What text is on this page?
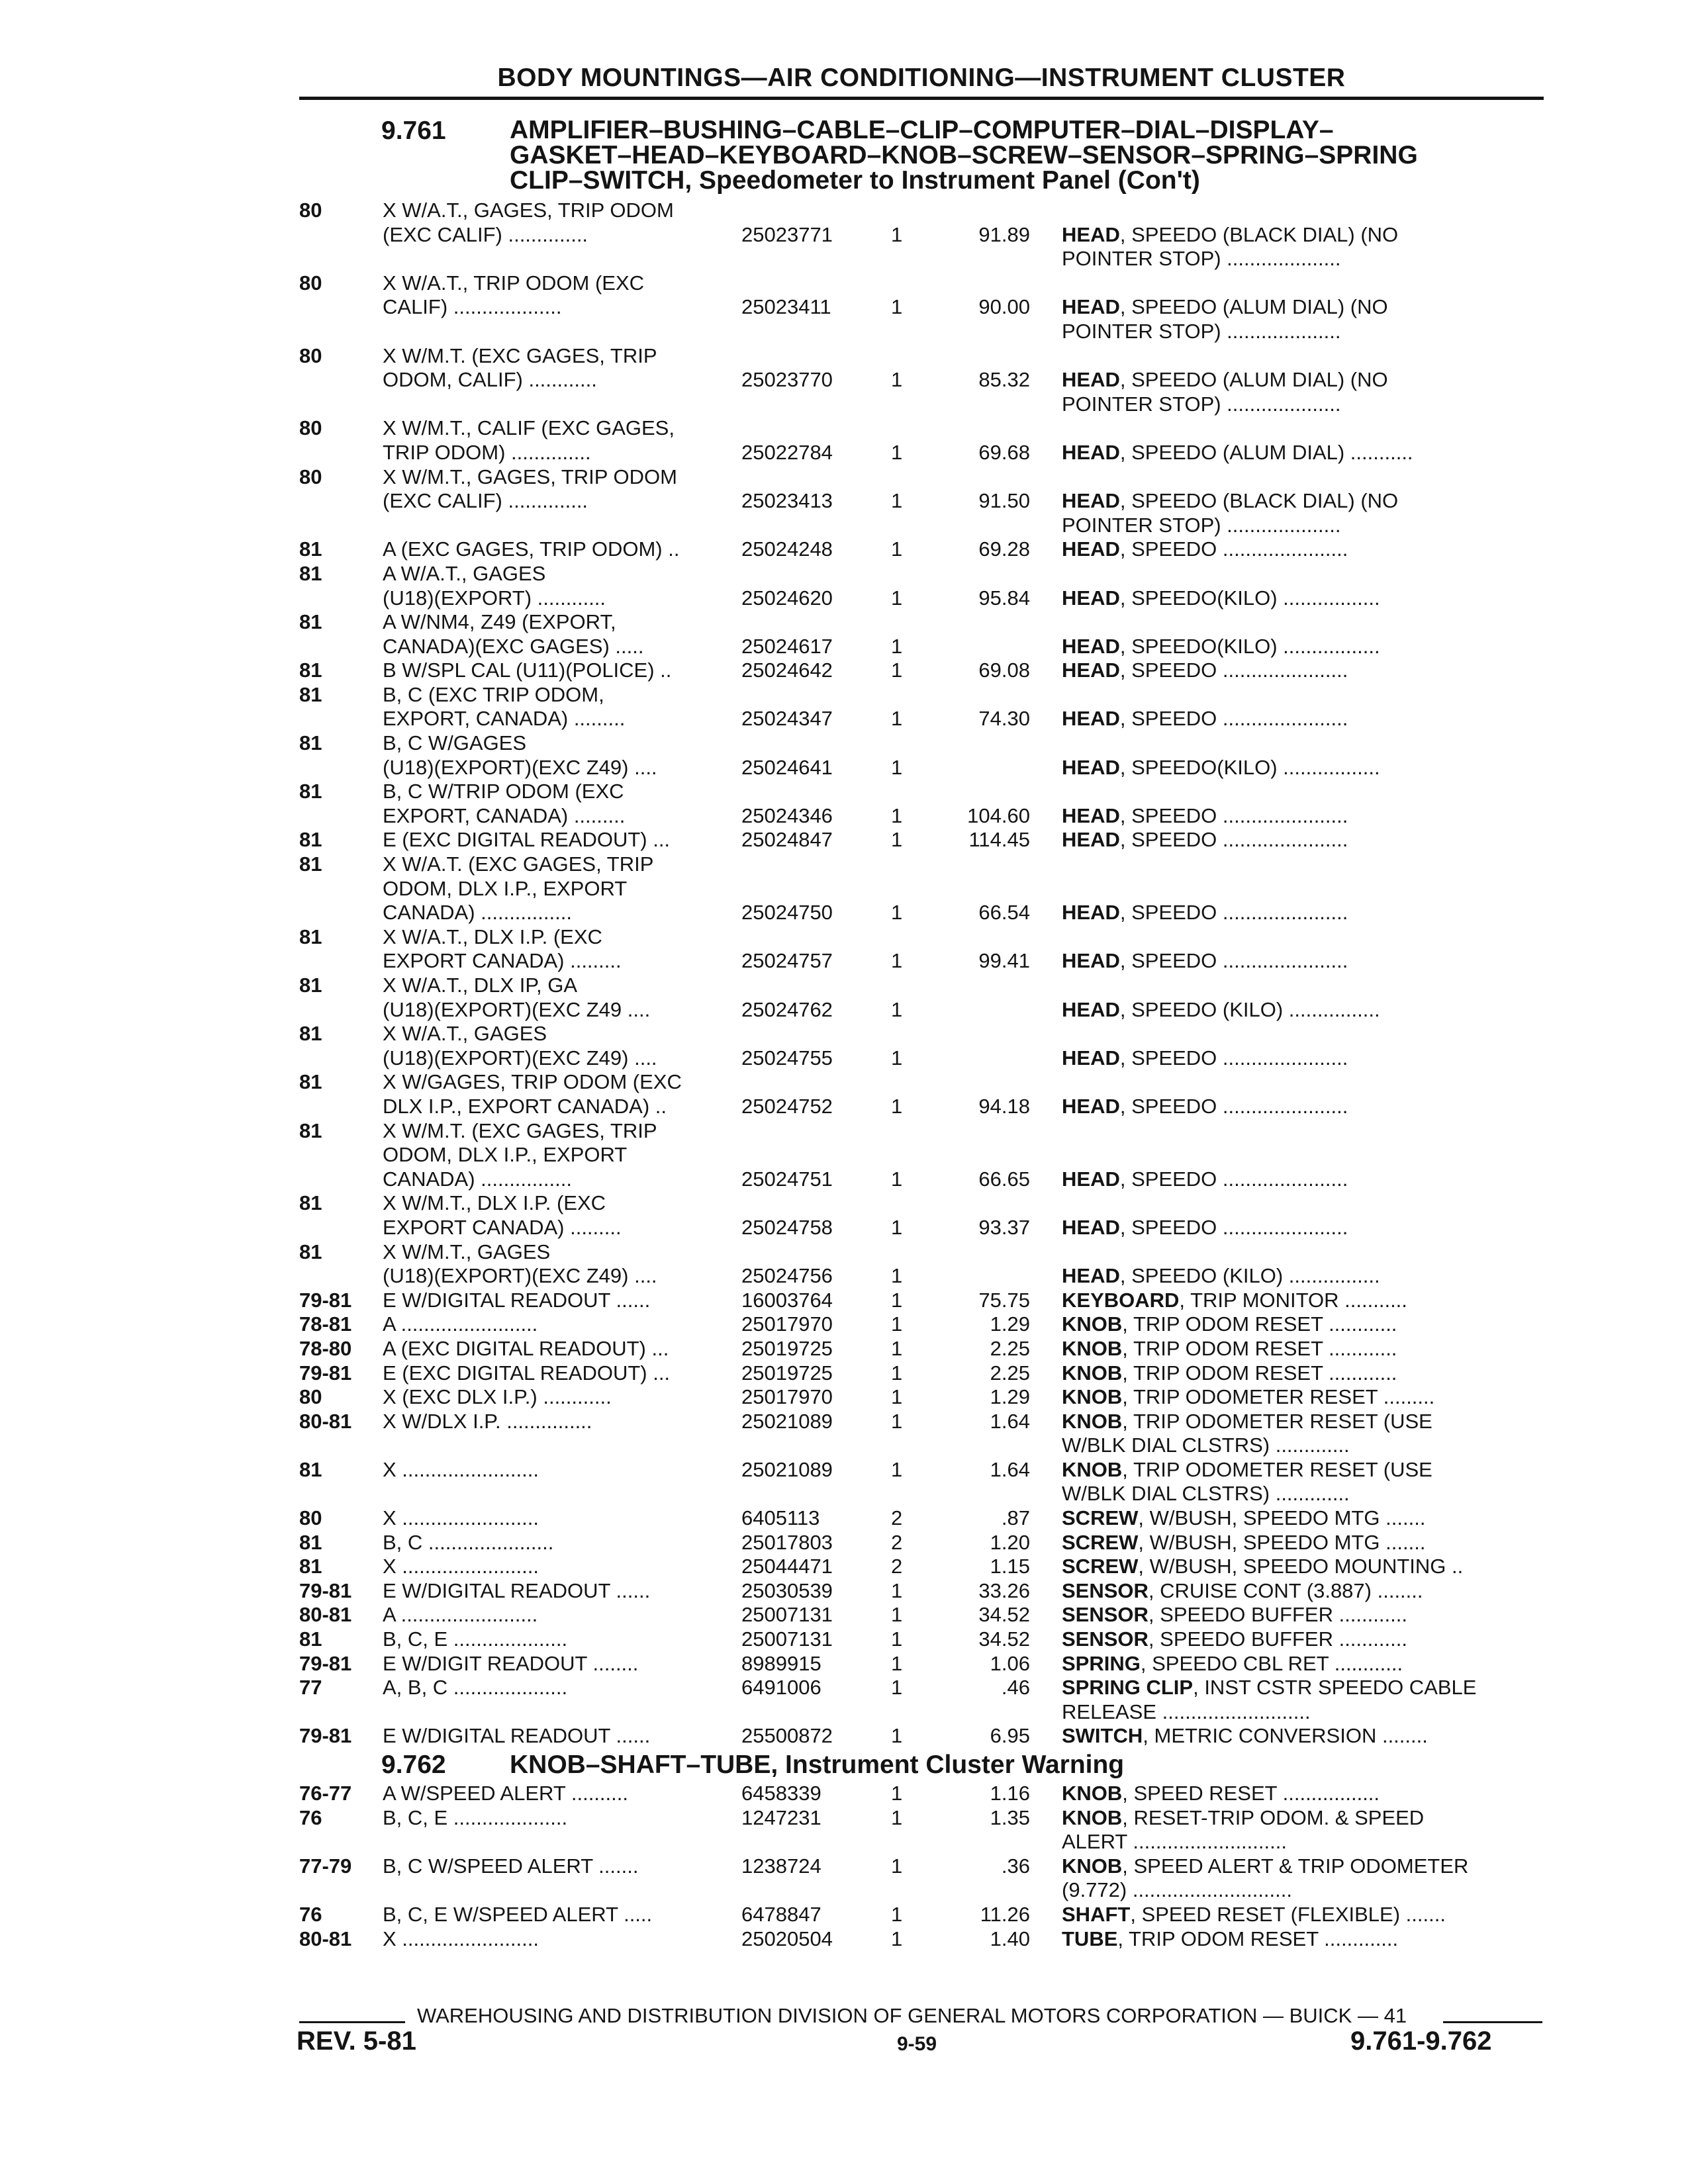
BODY MOUNTINGS—AIR CONDITIONING—INSTRUMENT CLUSTER
9.761 AMPLIFIER–BUSHING–CABLE–CLIP–COMPUTER–DIAL–DISPLAY–
GASKET–HEAD–KEYBOARD–KNOB–SCREW–SENSOR–SPRING–SPRING
CLIP–SWITCH, Speedometer to Instrument Panel (Con't)
80	X W/A.T., GAGES, TRIP ODOM
(EXC CALIF) ..............	25023771	1	91.89 HEAD, SPEEDO (BLACK DIAL) (NO
POINTER STOP) ....................
80	X W/A.T., TRIP ODOM (EXC
CALIF) ...................	25023411	1	90.00 HEAD, SPEEDO (ALUM DIAL) (NO
POINTER STOP) ....................
80	X W/M.T. (EXC GAGES, TRIP
ODOM, CALIF) ............	25023770	1	85.32 HEAD, SPEEDO (ALUM DIAL) (NO
POINTER STOP) ....................
80	X W/M.T., CALIF (EXC GAGES,
TRIP ODOM) ..............	25022784	1	69.68 HEAD, SPEEDO (ALUM DIAL) ...........
80	X W/M.T., GAGES, TRIP ODOM
(EXC CALIF) ..............	25023413	1	91.50 HEAD, SPEEDO (BLACK DIAL) (NO
POINTER STOP) ....................
81	A (EXC GAGES, TRIP ODOM) ..	25024248	1	69.28 HEAD, SPEEDO ......................
81	A W/A.T., GAGES
(U18)(EXPORT) ............	25024620	1	95.84 HEAD, SPEEDO(KILO) .................
81	A W/NM4, Z49 (EXPORT,
CANADA)(EXC GAGES) .....	25024617	1	HEAD, SPEEDO(KILO) .................
81	B W/SPL CAL (U11)(POLICE) ..	25024642	1	69.08 HEAD, SPEEDO ......................
81	B, C (EXC TRIP ODOM,
EXPORT, CANADA) .........	25024347	1	74.30 HEAD, SPEEDO ......................
81	B, C W/GAGES
(U18)(EXPORT)(EXC Z49) ....	25024641	1	HEAD, SPEEDO(KILO) .................
81	B, C W/TRIP ODOM (EXC
EXPORT, CANADA) .........	25024346	1	104.60 HEAD, SPEEDO ......................
81	E (EXC DIGITAL READOUT) ...	25024847	1	114.45 HEAD, SPEEDO ......................
81	X W/A.T. (EXC GAGES, TRIP
ODOM, DLX I.P., EXPORT
CANADA) ................	25024750	1	66.54 HEAD, SPEEDO ......................
81	X W/A.T., DLX I.P. (EXC
EXPORT CANADA) .........	25024757	1	99.41 HEAD, SPEEDO ......................
81	X W/A.T., DLX IP, GA
(U18)(EXPORT)(EXC Z49 ....	25024762	1	HEAD, SPEEDO (KILO) ................
81	X W/A.T., GAGES
(U18)(EXPORT)(EXC Z49) ....	25024755	1	HEAD, SPEEDO ......................
81	X W/GAGES, TRIP ODOM (EXC
DLX I.P., EXPORT CANADA) ..	25024752	1	94.18 HEAD, SPEEDO ......................
81	X W/M.T. (EXC GAGES, TRIP
ODOM, DLX I.P., EXPORT
CANADA) ................	25024751	1	66.65 HEAD, SPEEDO ......................
81	X W/M.T., DLX I.P. (EXC
EXPORT CANADA) .........	25024758	1	93.37 HEAD, SPEEDO ......................
81	X W/M.T., GAGES
(U18)(EXPORT)(EXC Z49) ....	25024756	1	HEAD, SPEEDO (KILO) ................
79-81 E W/DIGITAL READOUT ......	16003764	1	75.75 KEYBOARD, TRIP MONITOR ...........
78-81 A ........................	25017970	1	1.29 KNOB, TRIP ODOM RESET ............
78-80 A (EXC DIGITAL READOUT) ...	25019725	1	2.25 KNOB, TRIP ODOM RESET ............
79-81 E (EXC DIGITAL READOUT) ...	25019725	1	2.25 KNOB, TRIP ODOM RESET ............
80	X (EXC DLX I.P.) ............	25017970	1	1.29 KNOB, TRIP ODOMETER RESET .........
80-81 X W/DLX I.P. ...............	25021089	1	1.64 KNOB, TRIP ODOMETER RESET (USE
W/BLK DIAL CLSTRS) .............
81	X ........................	25021089	1	1.64 KNOB, TRIP ODOMETER RESET (USE
W/BLK DIAL CLSTRS) .............
80	X ........................	6405113	2	.87 SCREW, W/BUSH, SPEEDO MTG .......
81	B, C ......................	25017803	2	1.20 SCREW, W/BUSH, SPEEDO MTG .......
81	X ........................	25044471	2	1.15 SCREW, W/BUSH, SPEEDO MOUNTING ..
79-81 E W/DIGITAL READOUT ......	25030539	1	33.26 SENSOR, CRUISE CONT (3.887) ........
80-81 A ........................	25007131	1	34.52 SENSOR, SPEEDO BUFFER ............
81	B, C, E ....................	25007131	1	34.52 SENSOR, SPEEDO BUFFER ............
79-81 E W/DIGIT READOUT ........	8989915	1	1.06 SPRING, SPEEDO CBL RET ............
77	A, B, C ....................	6491006	1	.46 SPRING CLIP, INST CSTR SPEEDO CABLE
RELEASE ..........................
79-81 E W/DIGITAL READOUT ......	25500872	1	6.95 SWITCH, METRIC CONVERSION ........
9.762 KNOB–SHAFT–TUBE, Instrument Cluster Warning
76-77 A W/SPEED ALERT ..........	6458339	1	1.16 KNOB, SPEED RESET .................
76	B, C, E ....................	1247231	1	1.35 KNOB, RESET-TRIP ODOM. & SPEED
ALERT ...........................
77-79 B, C W/SPEED ALERT .......	1238724	1	.36 KNOB, SPEED ALERT & TRIP ODOMETER
(9.772) ............................
76	B, C, E W/SPEED ALERT .....	6478847	1	11.26 SHAFT, SPEED RESET (FLEXIBLE) .......
80-81 X ........................	25020504	1	1.40 TUBE, TRIP ODOM RESET .............
WAREHOUSING AND DISTRIBUTION DIVISION OF GENERAL MOTORS CORPORATION — BUICK — 41
REV. 5-81	9-59	9.761-9.762
